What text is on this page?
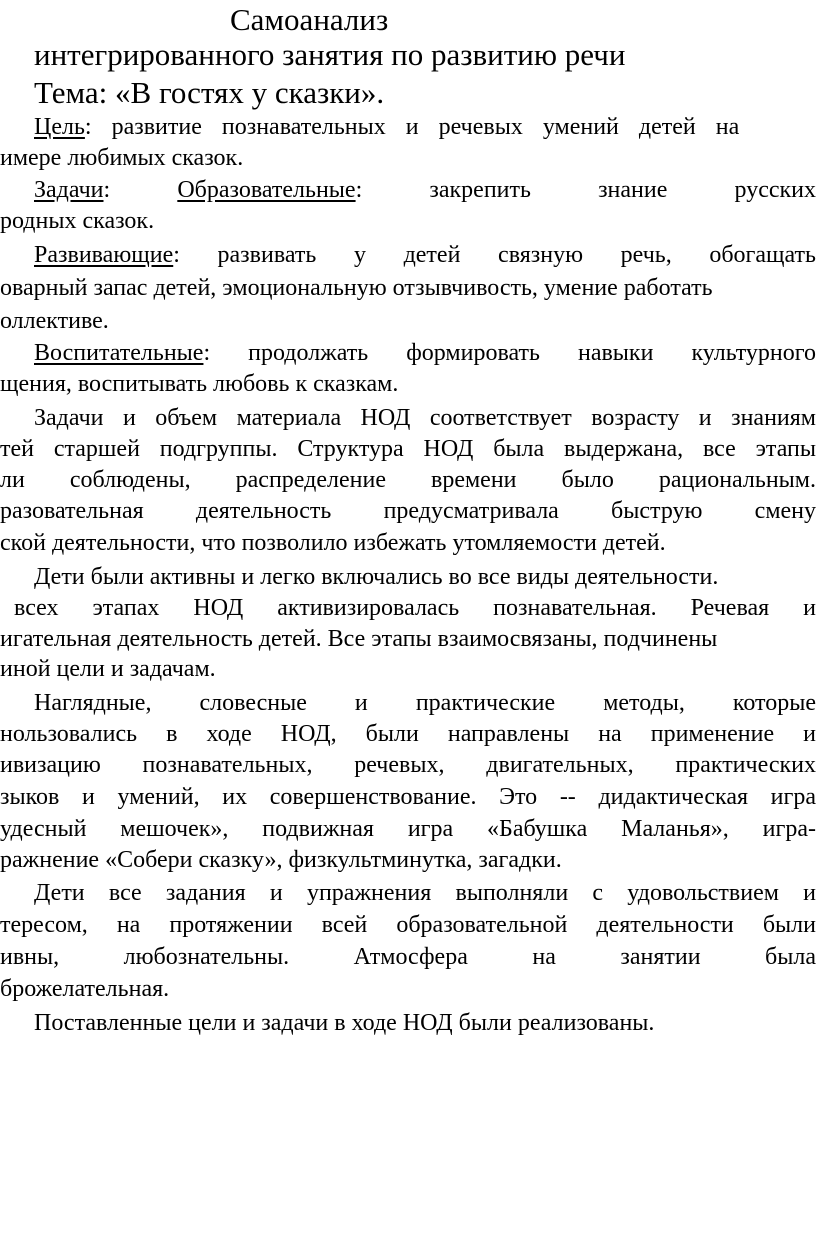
Самоанализ
интегрированного занятия по развитию речи
Тема: «В гостях у сказки».
Цель: развитие познавательных и речевых умений детей на
имере любимых сказок.
Задачи:	Образовательные: закрепить знание русских
родных сказок.
Развивающие: развивать у детей связную речь, обогащать
оварный запас детей, эмоциональную отзывчивость, умение работать
оллективе.
Воспитательные: продолжать формировать навыки культурного
щения, воспитывать любовь к сказкам.
Задачи и объем материала НОД соответствует возрасту и знаниям
тей старшей подгруппы. Структура НОД была выдержана, все этапы
ли соблюдены, распределение времени было рациональным.
разовательная деятельность предусматривала быструю смену
ской деятельности, что позволило избежать утомляемости детей.
Дети были активны и легко включались во все виды деятельности.
всех этапах НОД активизировалась познавательная. Речевая и
игательная деятельность детей. Все этапы взаимосвязаны, подчинены
иной цели и задачам.
Наглядные, словесные и практические методы, которые
нользовались в ходе НОД, были направлены на применение и
ивизацию познавательных, речевых, двигательных, практических
зыков и умений, их совершенствование. Это -- дидактическая игра
удесный мешочек», подвижная игра «Бабушка Маланья», игра-
ражнение «Собери сказку», физкультминутка, загадки.
Дети все задания и упражнения выполняли с удовольствием и
тересом, на протяжении всей образовательной деятельности были
ивны, любознательны. Атмосфера на занятии была
брожелательная.
Поставленные цели и задачи в ходе НОД были реализованы.
